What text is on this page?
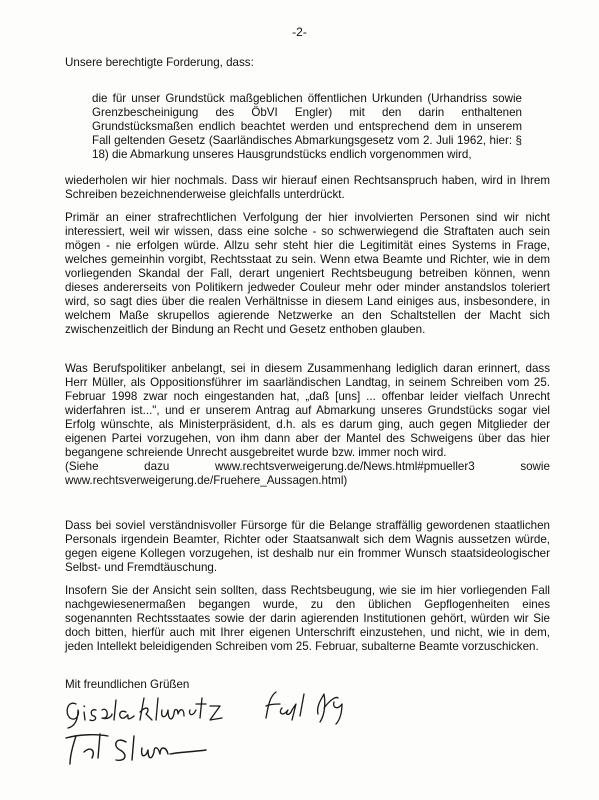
-2-

Unsere berechtigte Forderung, dass:

die für unser Grundstück maßgeblichen öffentlichen Urkunden (Urhandriss sowie Grenzbescheinigung des ÖbVI Engler) mit den darin enthaltenen Grundstücksmaßen endlich beachtet werden und entsprechend dem in unserem Fall geltenden Gesetz (Saarländisches Abmarkungsgesetz vom 2. Juli 1962, hier: § 18) die Abmarkung unseres Hausgrundstücks endlich vorgenommen wird,

wiederholen wir hier nochmals. Dass wir hierauf einen Rechtsanspruch haben, wird in Ihrem Schreiben bezeichnenderweise gleichfalls unterdrückt.

Primär an einer strafrechtlichen Verfolgung der hier involvierten Personen sind wir nicht interessiert, weil wir wissen, dass eine solche - so schwerwiegend die Straftaten auch sein mögen - nie erfolgen würde. Allzu sehr steht hier die Legitimität eines Systems in Frage, welches gemeinhin vorgibt, Rechtsstaat zu sein. Wenn etwa Beamte und Richter, wie in dem vorliegenden Skandal der Fall, derart ungeniert Rechtsbeugung betreiben können, wenn dieses andererseits von Politikern jedweder Couleur mehr oder minder anstandslos toleriert wird, so sagt dies über die realen Verhältnisse in diesem Land einiges aus, insbesondere, in welchem Maße skrupellos agierende Netzwerke an den Schaltstellen der Macht sich zwischenzeitlich der Bindung an Recht und Gesetz enthoben glauben.

Was Berufspolitiker anbelangt, sei in diesem Zusammenhang lediglich daran erinnert, dass Herr Müller, als Oppositionsführer im saarländischen Landtag, in seinem Schreiben vom 25. Februar 1998 zwar noch eingestanden hat, „daß [uns] ... offenbar leider vielfach Unrecht widerfahren ist...", und er unserem Antrag auf Abmarkung unseres Grundstücks sogar viel Erfolg wünschte, als Ministerpräsident, d.h. als es darum ging, auch gegen Mitglieder der eigenen Partei vorzugehen, von ihm dann aber der Mantel des Schweigens über das hier begangene schreiende Unrecht ausgebreitet wurde bzw. immer noch wird.

(Siehe	dazu	www.rechtsverweigerung.de/News.html#pmueller3	sowie
www.rechtsverweigerung.de/Fruehere_Aussagen.html)

Dass bei soviel verständnisvoller Fürsorge für die Belange straffällig gewordenen staatlichen Personals irgendein Beamter, Richter oder Staatsanwalt sich dem Wagnis aussetzen würde, gegen eigene Kollegen vorzugehen, ist deshalb nur ein frommer Wunsch staatsideologischer Selbst- und Fremdtäuschung.

Insofern Sie der Ansicht sein sollten, dass Rechtsbeugung, wie sie im hier vorliegenden Fall nachgewiesenermaßen begangen wurde, zu den üblichen Gepflogenheiten eines sogenannten Rechtsstaates sowie der darin agierenden Institutionen gehört, würden wir Sie doch bitten, hierfür auch mit Ihrer eigenen Unterschrift einzustehen, und nicht, wie in dem, jeden Intellekt beleidigenden Schreiben vom 25. Februar, subalterne Beamte vorzuschicken.

Mit freundlichen Grüßen
